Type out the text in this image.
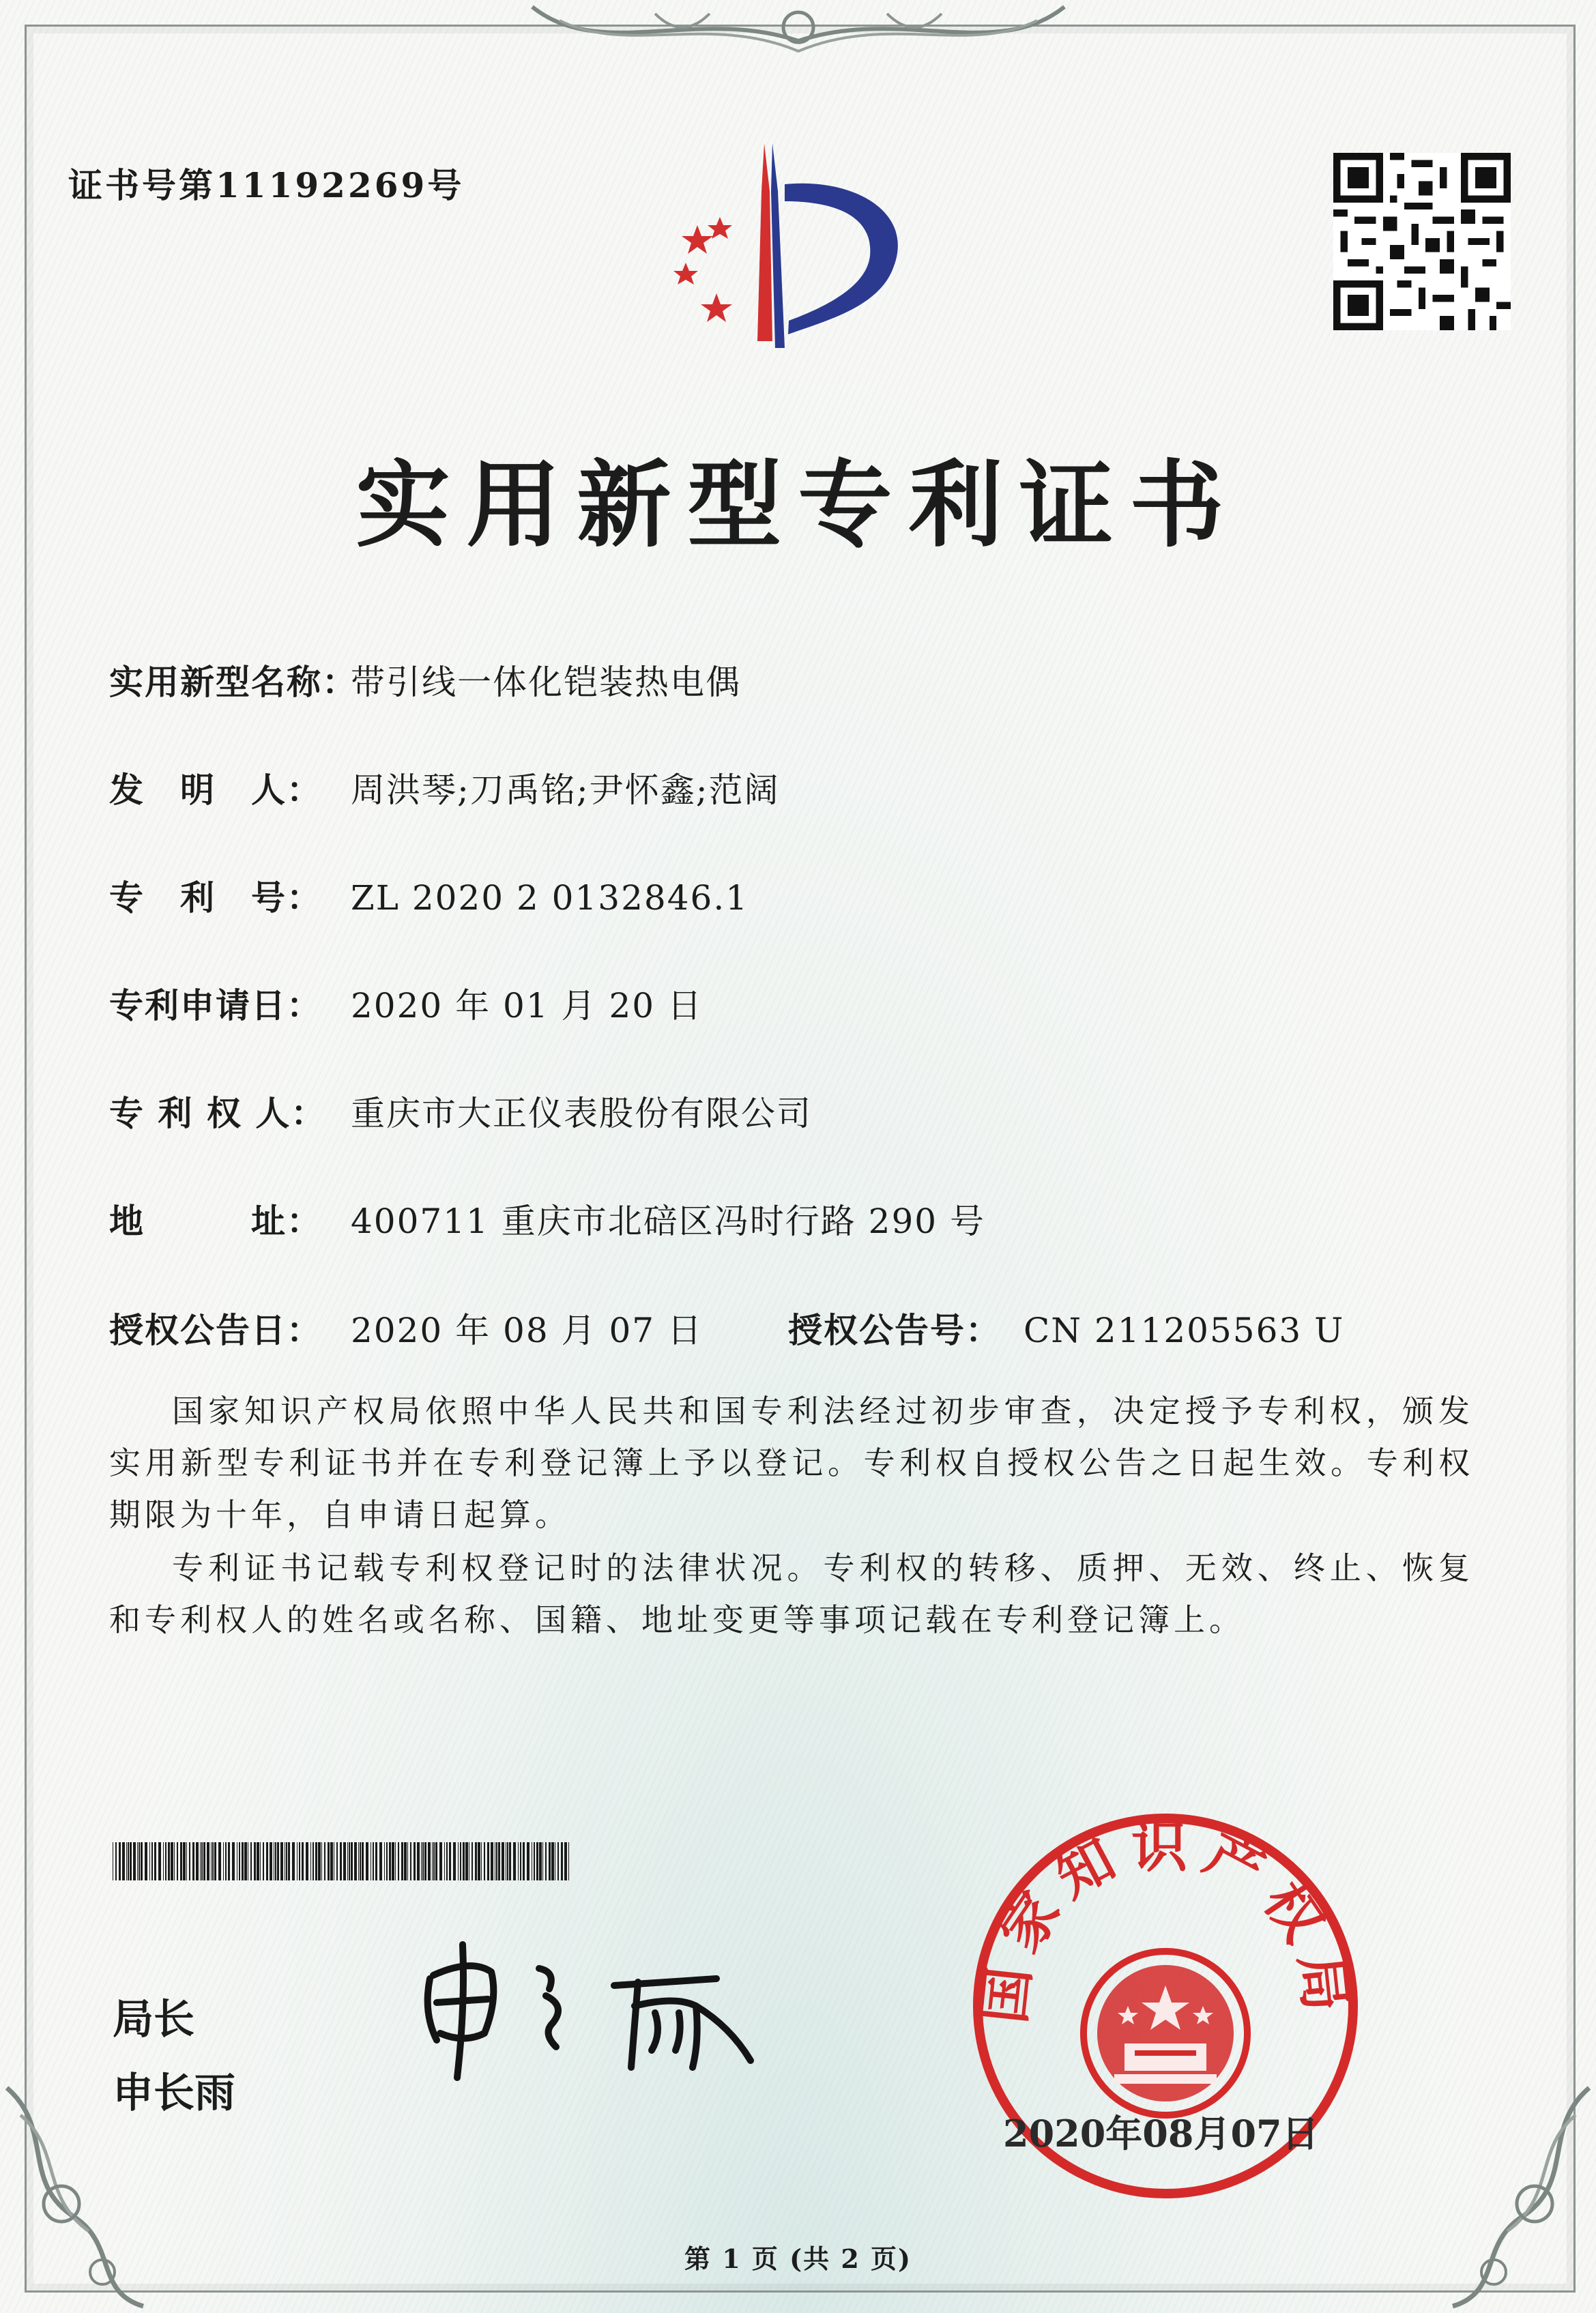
证书号第11192269号
实用新型专利证书
实用新型名称：带引线一体化铠装热电偶
发　明　人： 周洪琴;刀禹铭;尹怀鑫;范阔
专　利　号： ZL 2020 2 0132846.1
专利申请日： 2020 年 01 月 20 日
专 利 权 人： 重庆市大正仪表股份有限公司
地　　　址： 400711 重庆市北碚区冯时行路 290 号
授权公告日： 2020 年 08 月 07 日	授权公告号： CN 211205563 U
国家知识产权局依照中华人民共和国专利法经过初步审查，决定授予专利权，颁发实用新型专利证书并在专利登记簿上予以登记。专利权自授权公告之日起生效。专利权期限为十年，自申请日起算。
专利证书记载专利权登记时的法律状况。专利权的转移、质押、无效、终止、恢复和专利权人的姓名或名称、国籍、地址变更等事项记载在专利登记簿上。
局长
申长雨
国家知识产权局
2020年08月07日
第 1 页 (共 2 页)
